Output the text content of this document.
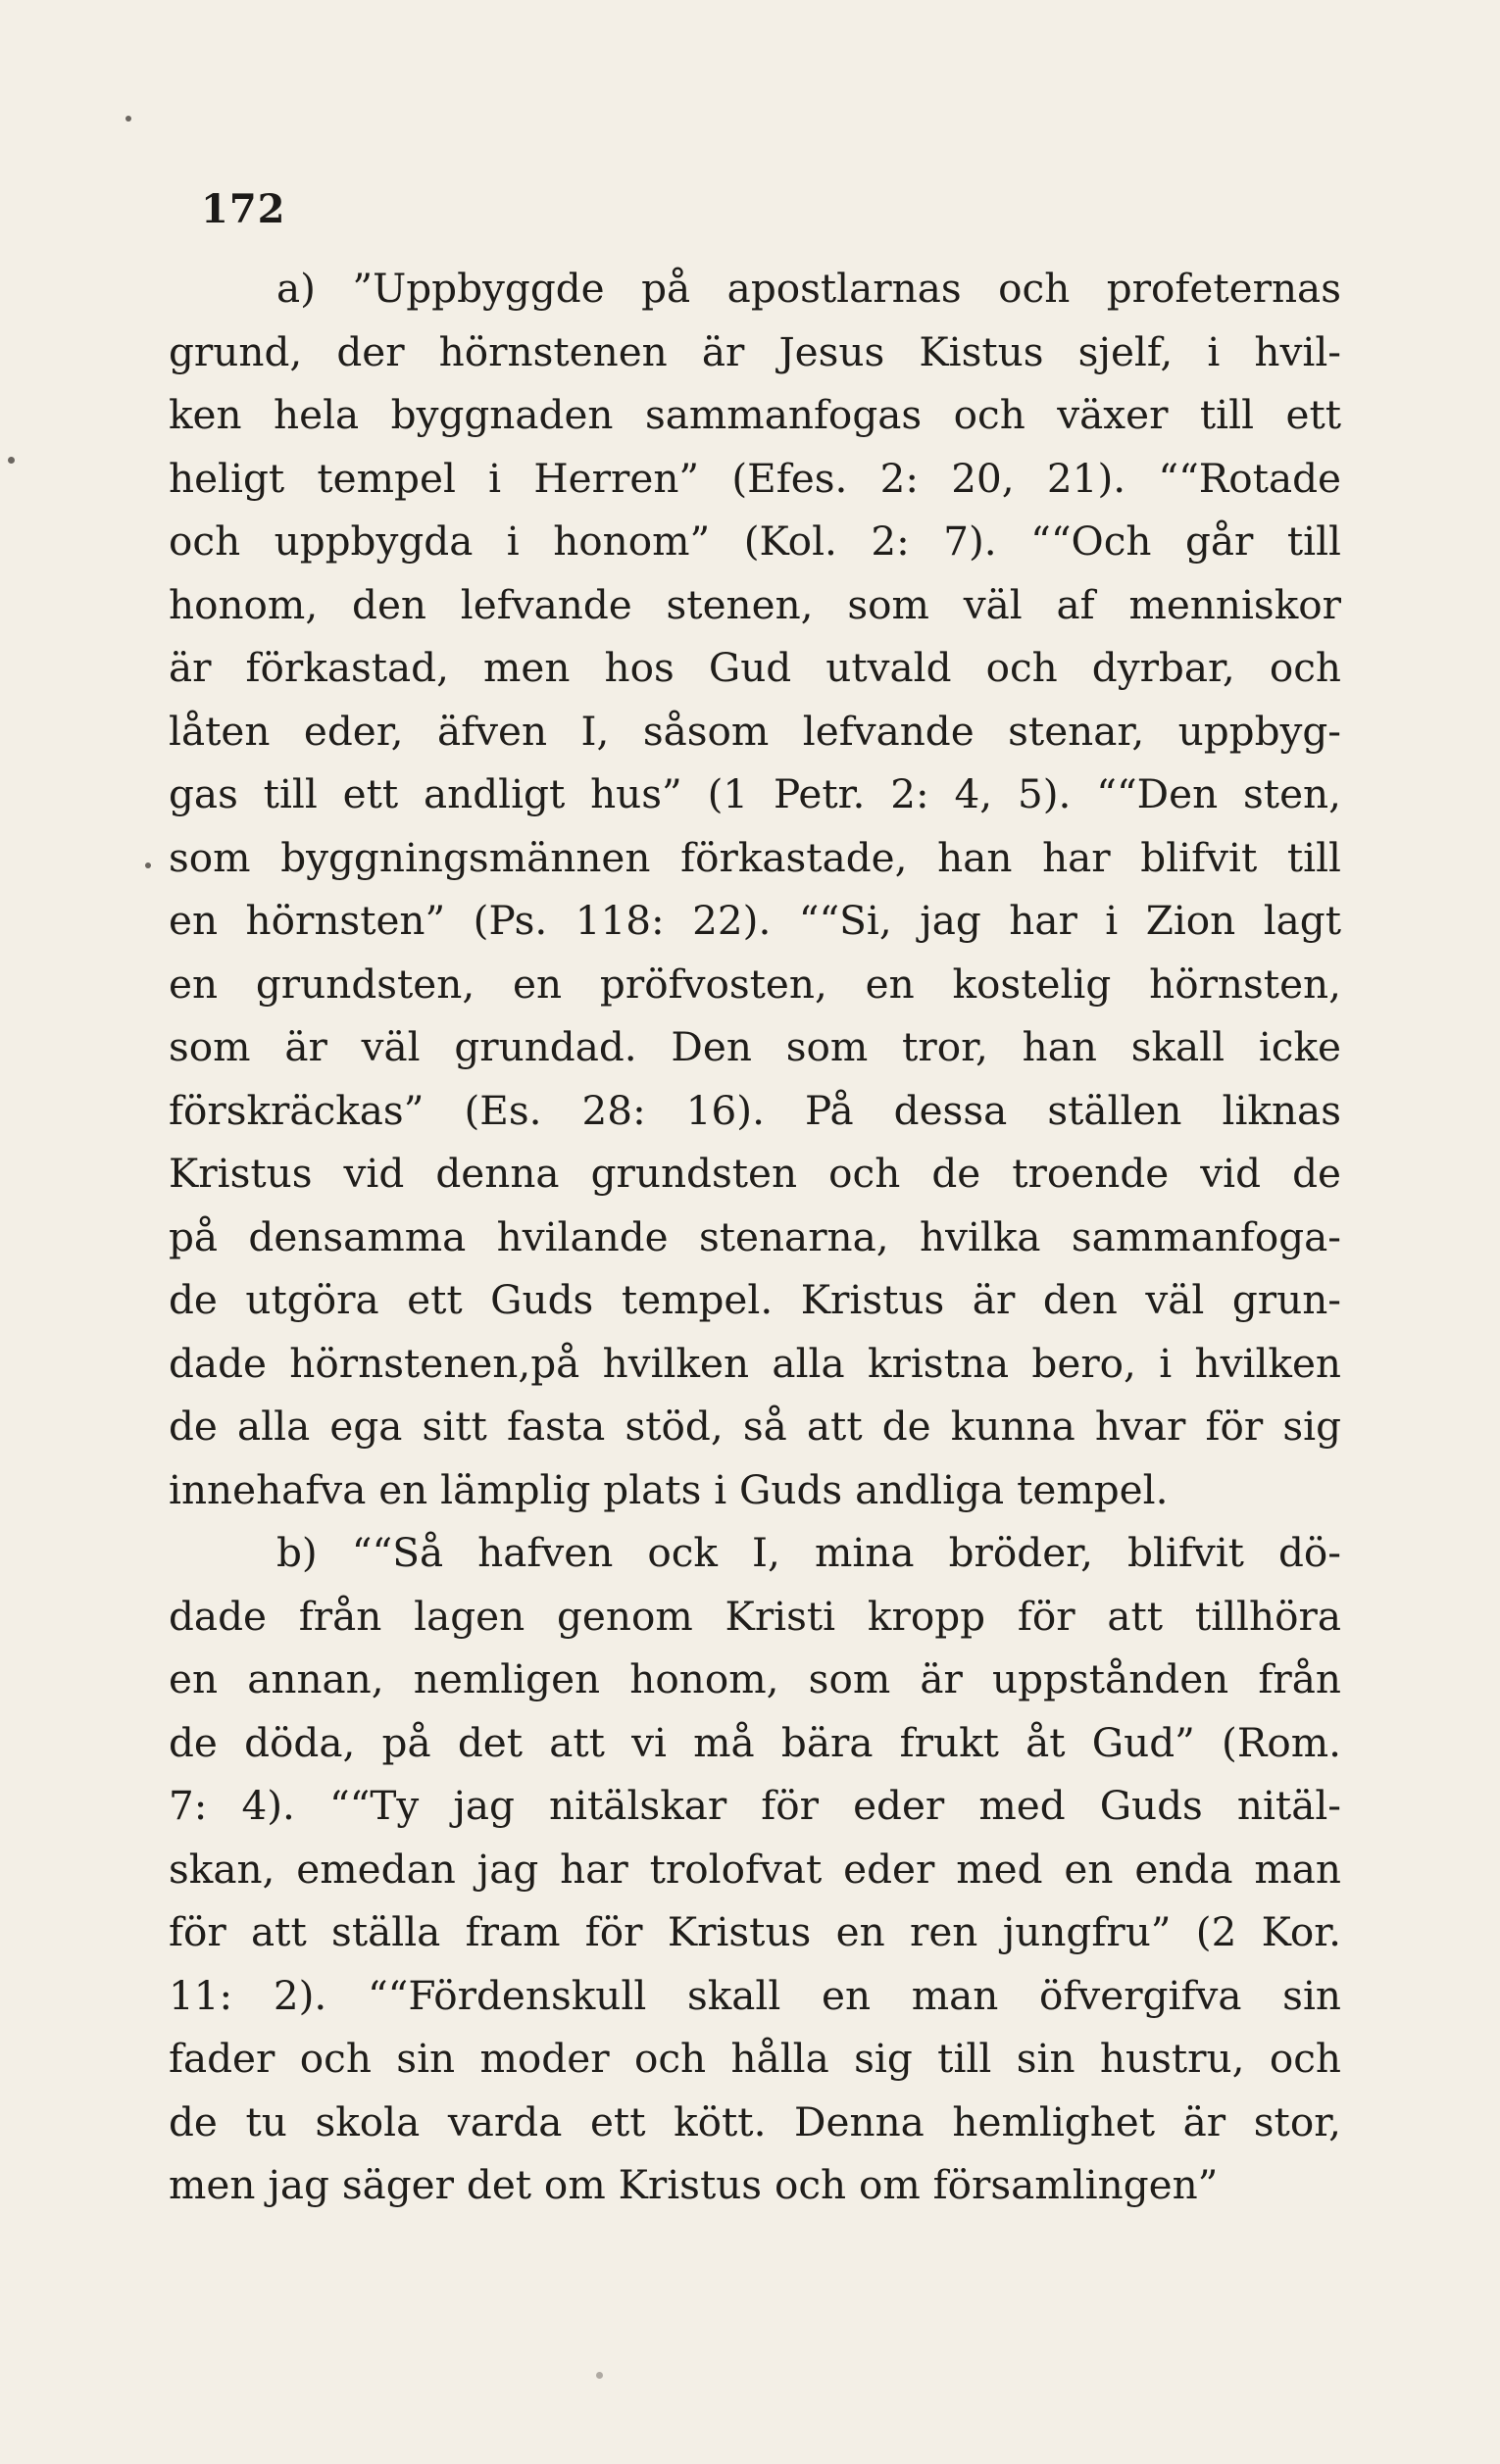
172
a) ”Uppbyggde på apostlarnas och profeternas
grund, der hörnstenen är Jesus Kistus sjelf, i hvil-
ken hela byggnaden sammanfogas och växer till ett
heligt tempel i Herren” (Efes. 2: 20, 21). ““Rotade
och uppbygda i honom” (Kol. 2: 7). ““Och går till
honom, den lefvande stenen, som väl af menniskor
är förkastad, men hos Gud utvald och dyrbar, och
låten eder, äfven I, såsom lefvande stenar, uppbyg-
gas till ett andligt hus” (1 Petr. 2: 4, 5). ““Den sten,
som byggningsmännen förkastade, han har blifvit till
en hörnsten” (Ps. 118: 22). ““Si, jag har i Zion lagt
en grundsten, en pröfvosten, en kostelig hörnsten,
som är väl grundad. Den som tror, han skall icke
förskräckas” (Es. 28: 16). På dessa ställen liknas
Kristus vid denna grundsten och de troende vid de
på densamma hvilande stenarna, hvilka sammanfoga-
de utgöra ett Guds tempel. Kristus är den väl grun-
dade hörnstenen,på hvilken alla kristna bero, i hvilken
de alla ega sitt fasta stöd, så att de kunna hvar för sig
innehafva en lämplig plats i Guds andliga tempel.
b) ““Så hafven ock I, mina bröder, blifvit dö-
dade från lagen genom Kristi kropp för att tillhöra
en annan, nemligen honom, som är uppstånden från
de döda, på det att vi må bära frukt åt Gud” (Rom.
7: 4). ““Ty jag nitälskar för eder med Guds nitäl-
skan, emedan jag har trolofvat eder med en enda man
för att ställa fram för Kristus en ren jungfru” (2 Kor.
11: 2). ““Fördenskull skall en man öfvergifva sin
fader och sin moder och hålla sig till sin hustru, och
de tu skola varda ett kött. Denna hemlighet är stor,
men jag säger det om Kristus och om församlingen”
